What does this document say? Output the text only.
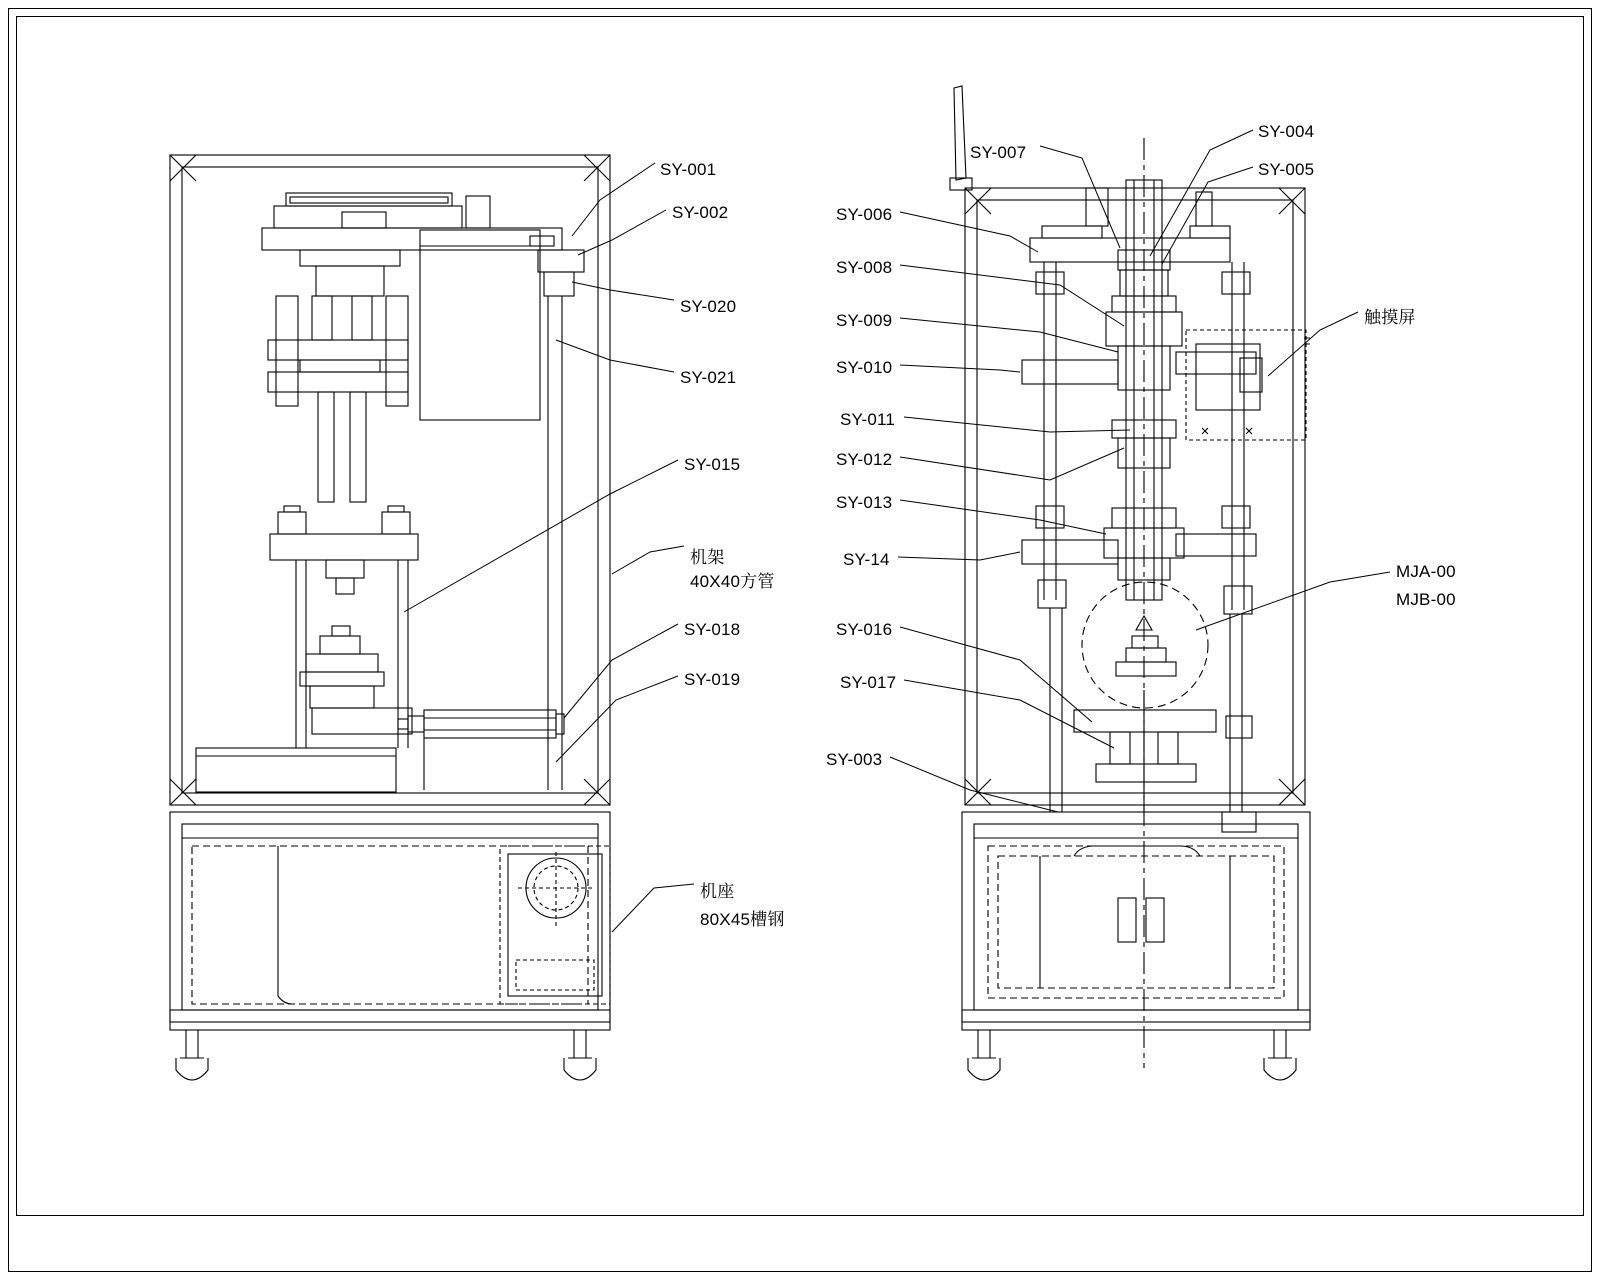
SY-001
SY-002
SY-020
SY-021
SY-015
SY-018
SY-019
机架
40X40方管
机座
80X45槽钢
SY-007
SY-004
SY-005
SY-006
SY-008
SY-009
SY-010
SY-011
SY-012
SY-013
SY-14
SY-016
SY-017
SY-003
触摸屏
MJA-00
MJB-00
